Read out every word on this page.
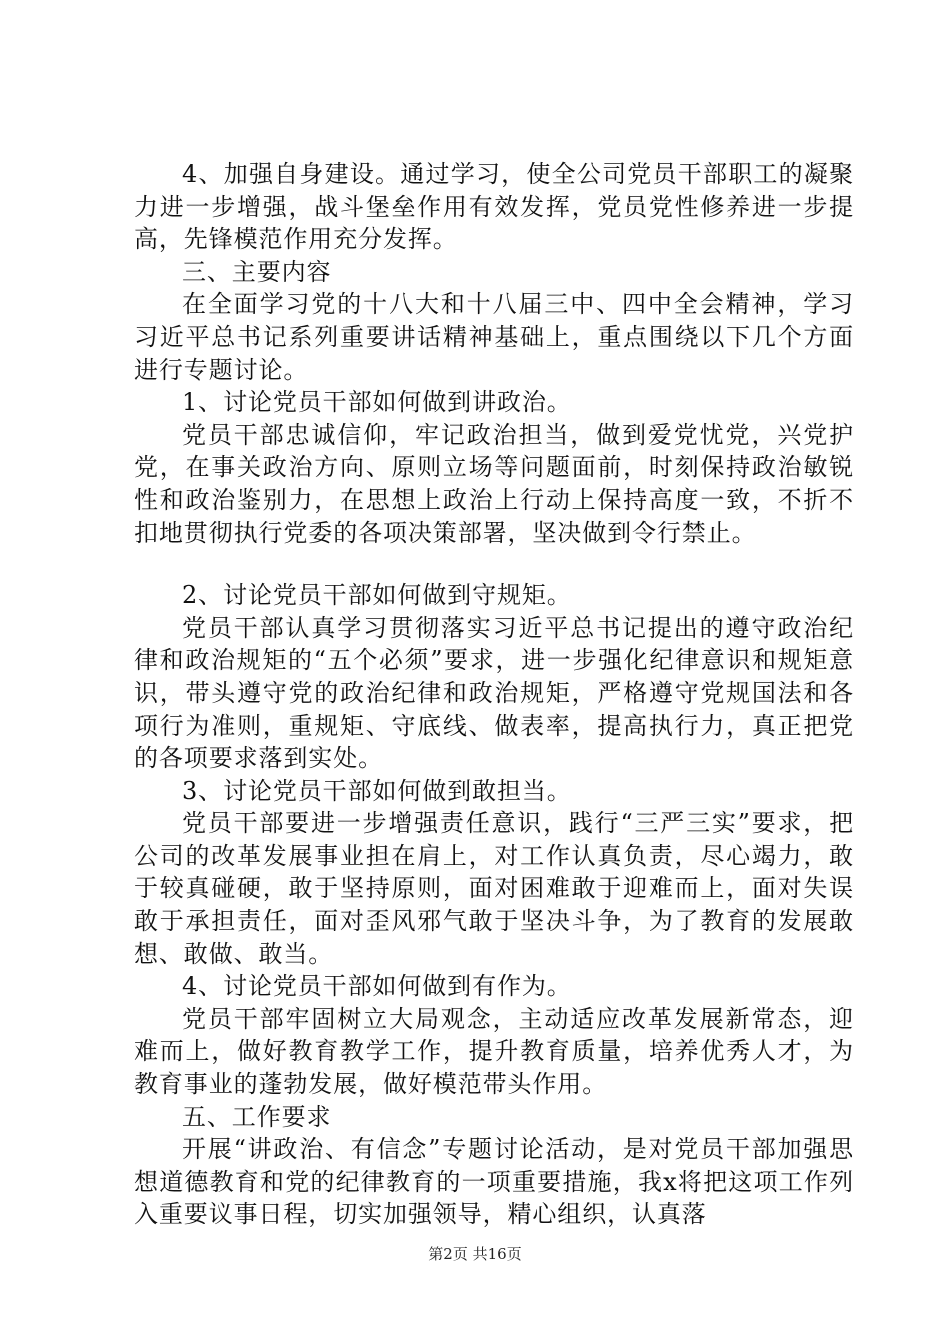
4、加强自身建设。通过学习，使全公司党员干部职工的凝聚力进一步增强，战斗堡垒作用有效发挥，党员党性修养进一步提高，先锋模范作用充分发挥。

三、主要内容

在全面学习党的十八大和十八届三中、四中全会精神，学习习近平总书记系列重要讲话精神基础上，重点围绕以下几个方面进行专题讨论。

1、讨论党员干部如何做到讲政治。

党员干部忠诚信仰，牢记政治担当，做到爱党忧党，兴党护党，在事关政治方向、原则立场等问题面前，时刻保持政治敏锐性和政治鉴别力，在思想上政治上行动上保持高度一致，不折不扣地贯彻执行党委的各项决策部署，坚决做到令行禁止。

2、讨论党员干部如何做到守规矩。

党员干部认真学习贯彻落实习近平总书记提出的遵守政治纪律和政治规矩的“五个必须”要求，进一步强化纪律意识和规矩意识，带头遵守党的政治纪律和政治规矩，严格遵守党规国法和各项行为准则，重规矩、守底线、做表率，提高执行力，真正把党的各项要求落到实处。

3、讨论党员干部如何做到敢担当。

党员干部要进一步增强责任意识，践行“三严三实”要求，把公司的改革发展事业担在肩上，对工作认真负责，尽心竭力，敢于较真碰硬，敢于坚持原则，面对困难敢于迎难而上，面对失误敢于承担责任，面对歪风邪气敢于坚决斗争，为了教育的发展敢想、敢做、敢当。

4、讨论党员干部如何做到有作为。

党员干部牢固树立大局观念，主动适应改革发展新常态，迎难而上，做好教育教学工作，提升教育质量，培养优秀人才，为教育事业的蓬勃发展，做好模范带头作用。

五、工作要求

开展“讲政治、有信念”专题讨论活动，是对党员干部加强思想道德教育和党的纪律教育的一项重要措施，我x将把这项工作列入重要议事日程，切实加强领导，精心组织，认真落

第2页 共16页
